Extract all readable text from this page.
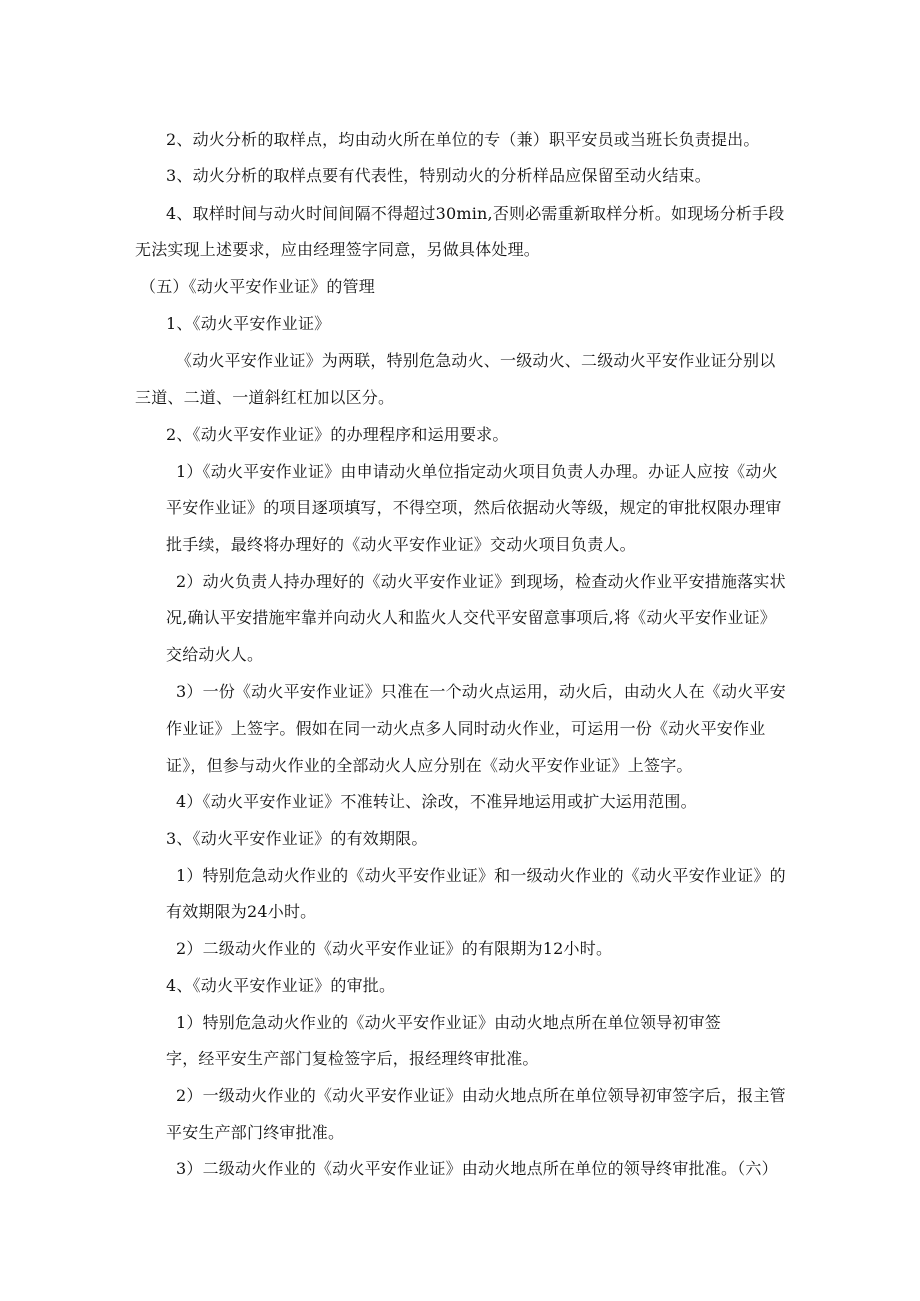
2、动火分析的取样点，均由动火所在单位的专（兼）职平安员或当班长负责提出。
3、动火分析的取样点要有代表性，特别动火的分析样品应保留至动火结束。
4、取样时间与动火时间间隔不得超过30min,否则必需重新取样分析。如现场分析手段
无法实现上述要求，应由经理签字同意，另做具体处理。
（五）《动火平安作业证》的管理
1、《动火平安作业证》
《动火平安作业证》为两联，特别危急动火、一级动火、二级动火平安作业证分别以
三道、二道、一道斜红杠加以区分。
2、《动火平安作业证》的办理程序和运用要求。
1）《动火平安作业证》由申请动火单位指定动火项目负责人办理。办证人应按《动火
平安作业证》的项目逐项填写，不得空项，然后依据动火等级，规定的审批权限办理审
批手续，最终将办理好的《动火平安作业证》交动火项目负责人。
2）动火负责人持办理好的《动火平安作业证》到现场，检查动火作业平安措施落实状
况,确认平安措施牢靠并向动火人和监火人交代平安留意事项后,将《动火平安作业证》
交给动火人。
3）一份《动火平安作业证》只准在一个动火点运用，动火后，由动火人在《动火平安
作业证》上签字。假如在同一动火点多人同时动火作业，可运用一份《动火平安作业
证》，但参与动火作业的全部动火人应分别在《动火平安作业证》上签字。
4）《动火平安作业证》不准转让、涂改，不准异地运用或扩大运用范围。
3、《动火平安作业证》的有效期限。
1）特别危急动火作业的《动火平安作业证》和一级动火作业的《动火平安作业证》的
有效期限为24小时。
2）二级动火作业的《动火平安作业证》的有限期为12小时。
4、《动火平安作业证》的审批。
1）特别危急动火作业的《动火平安作业证》由动火地点所在单位领导初审签
字，经平安生产部门复检签字后，报经理终审批准。
2）一级动火作业的《动火平安作业证》由动火地点所在单位领导初审签字后，报主管
平安生产部门终审批准。
3）二级动火作业的《动火平安作业证》由动火地点所在单位的领导终审批准。（六）
